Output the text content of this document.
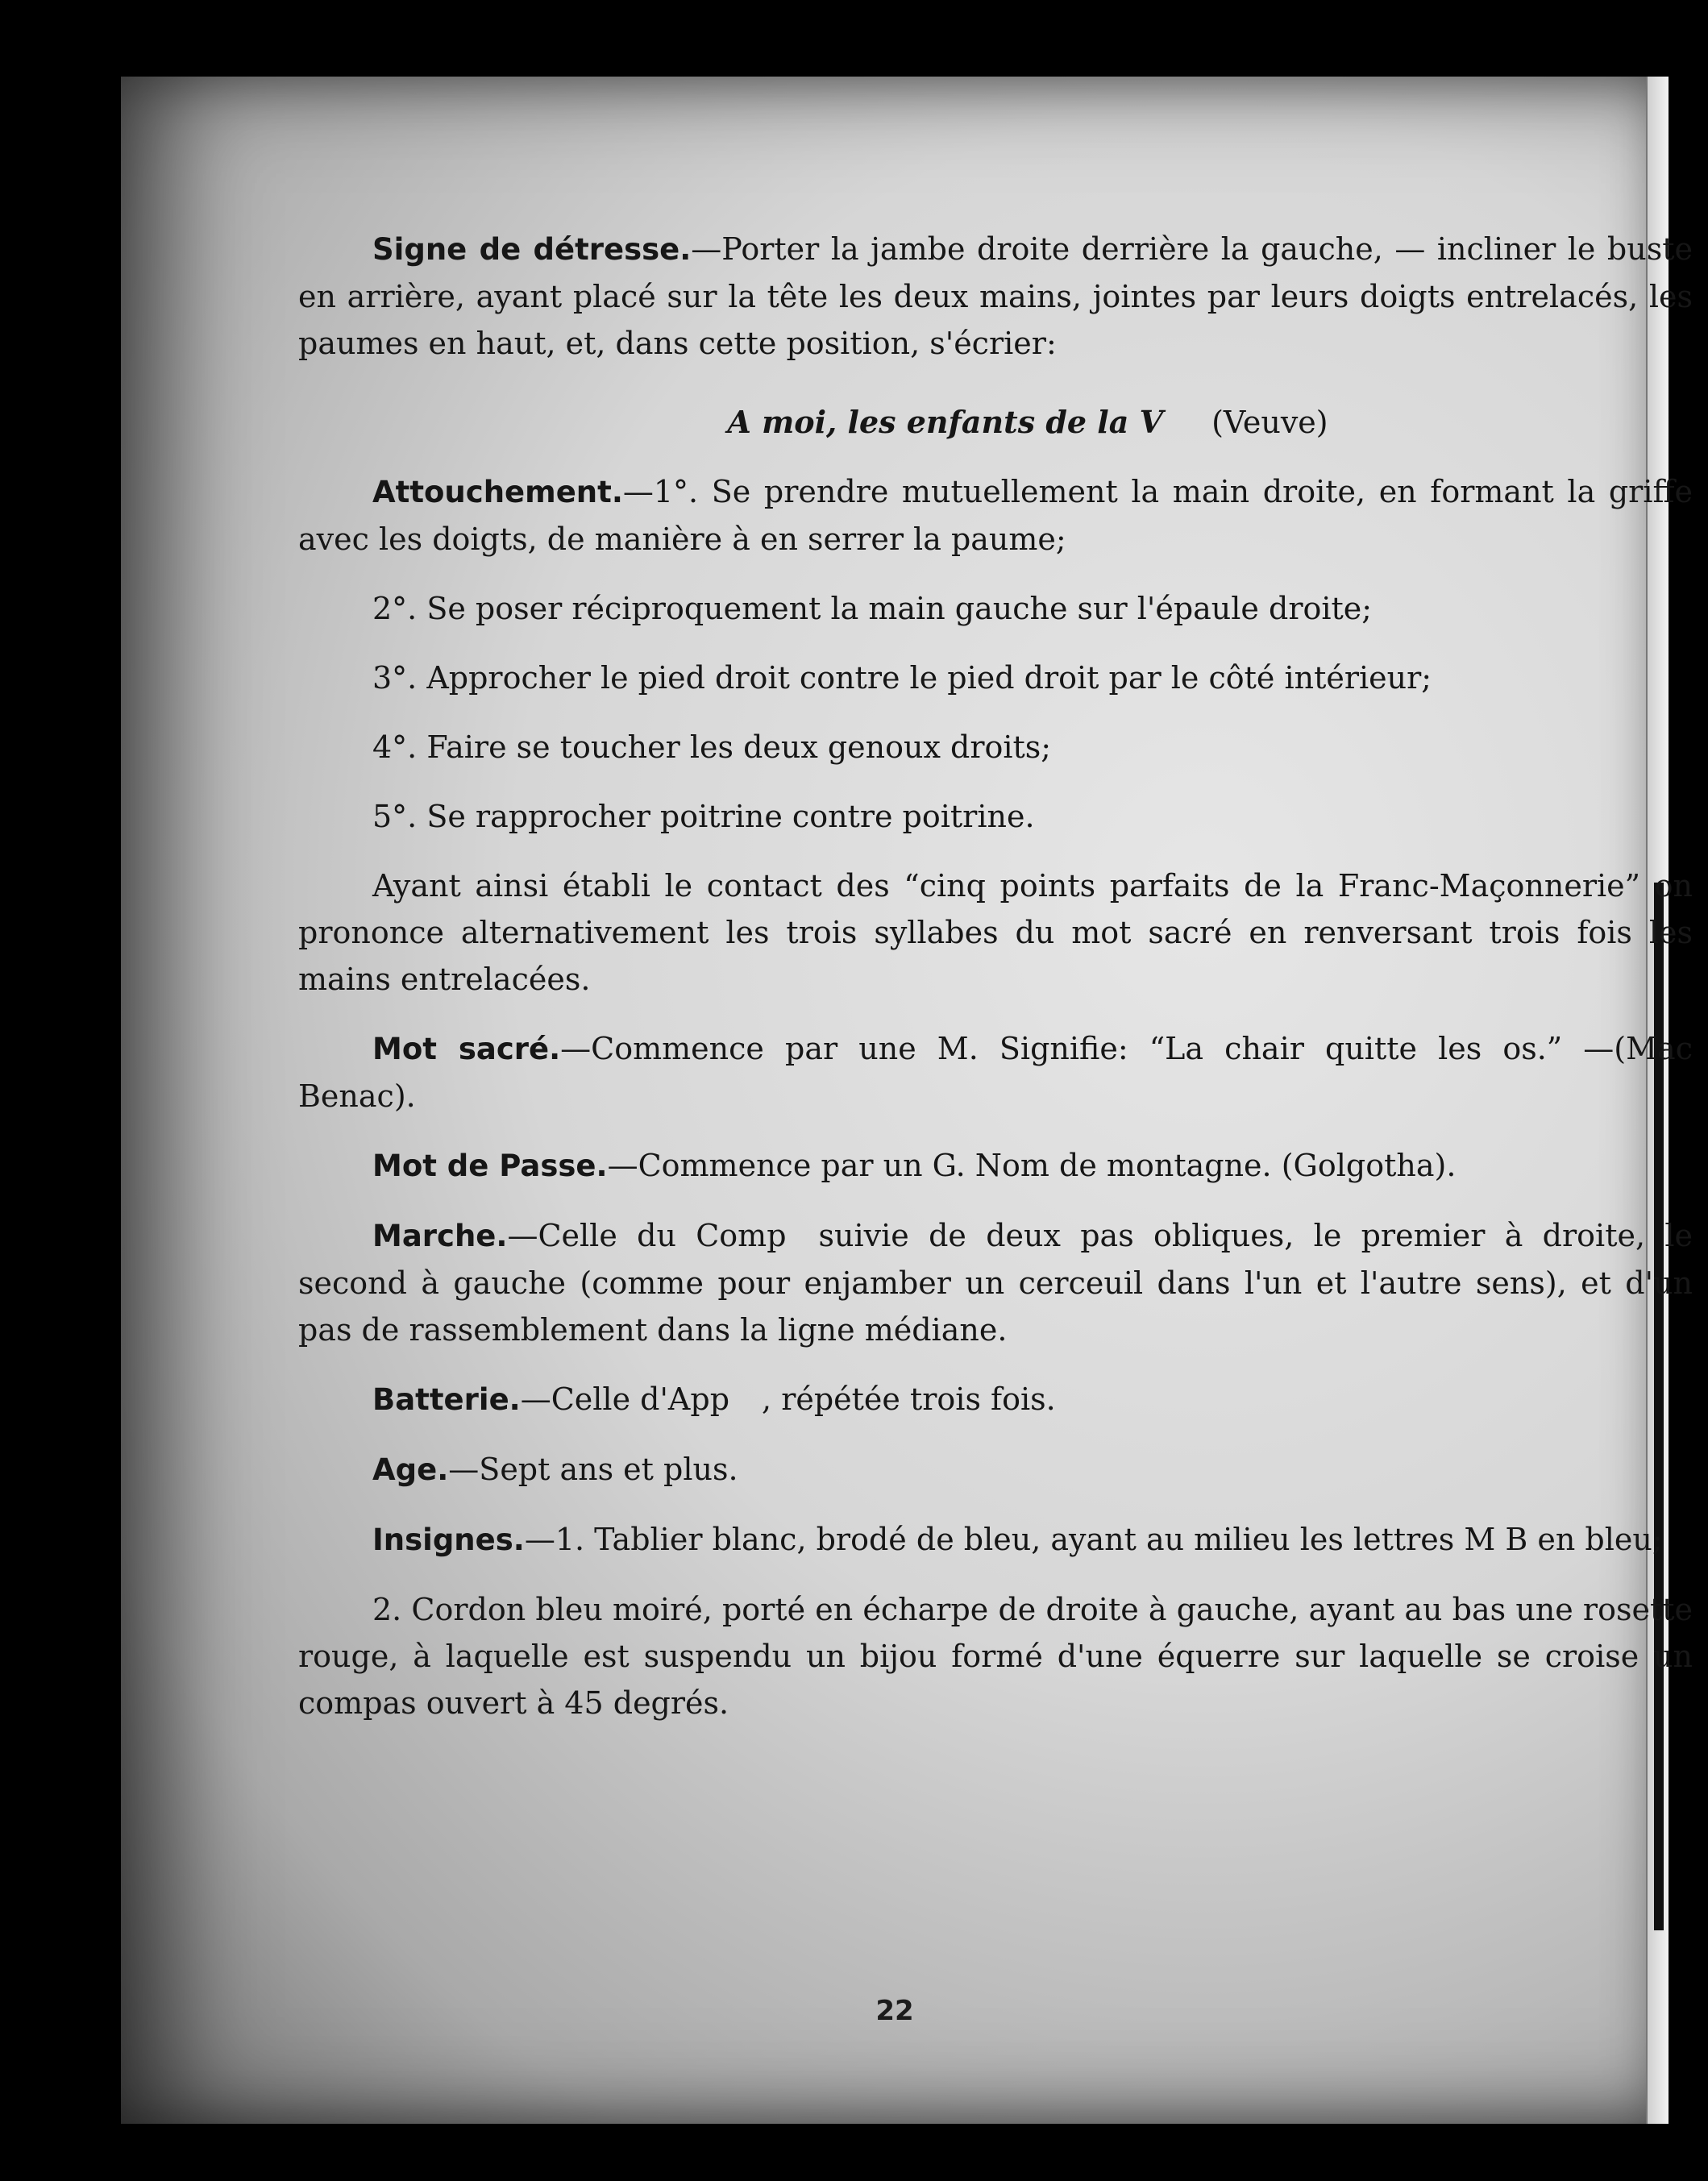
Signe de détresse.—Porter la jambe droite derrière la gauche, — incliner le buste en arrière, ayant placé sur la tête les deux mains, jointes par leurs doigts entrelacés, les paumes en haut, et, dans cette position, s'écrier:

A moi, les enfants de la V (Veuve)

Attouchement.—1°. Se prendre mutuellement la main droite, en formant la griffe avec les doigts, de manière à en serrer la paume;

2°. Se poser réciproquement la main gauche sur l'épaule droite;

3°. Approcher le pied droit contre le pied droit par le côté intérieur;

4°. Faire se toucher les deux genoux droits;

5°. Se rapprocher poitrine contre poitrine.

Ayant ainsi établi le contact des “cinq points parfaits de la Franc-Maçonnerie” on prononce alternativement les trois syllabes du mot sacré en renversant trois fois les mains entrelacées.

Mot sacré.—Commence par une M. Signifie: “La chair quitte les os.” —(Mac Benac).

Mot de Passe.—Commence par un G. Nom de montagne. (Golgotha).

Marche.—Celle du Comp suivie de deux pas obliques, le premier à droite, le second à gauche (comme pour enjamber un cerceuil dans l'un et l'autre sens), et d'un pas de rassemblement dans la ligne médiane.

Batterie.—Celle d'App , répétée trois fois.

Age.—Sept ans et plus.

Insignes.—1. Tablier blanc, brodé de bleu, ayant au milieu les lettres M B en bleu;

2. Cordon bleu moiré, porté en écharpe de droite à gauche, ayant au bas une rosette rouge, à laquelle est suspendu un bijou formé d'une équerre sur laquelle se croise un compas ouvert à 45 degrés.

22
